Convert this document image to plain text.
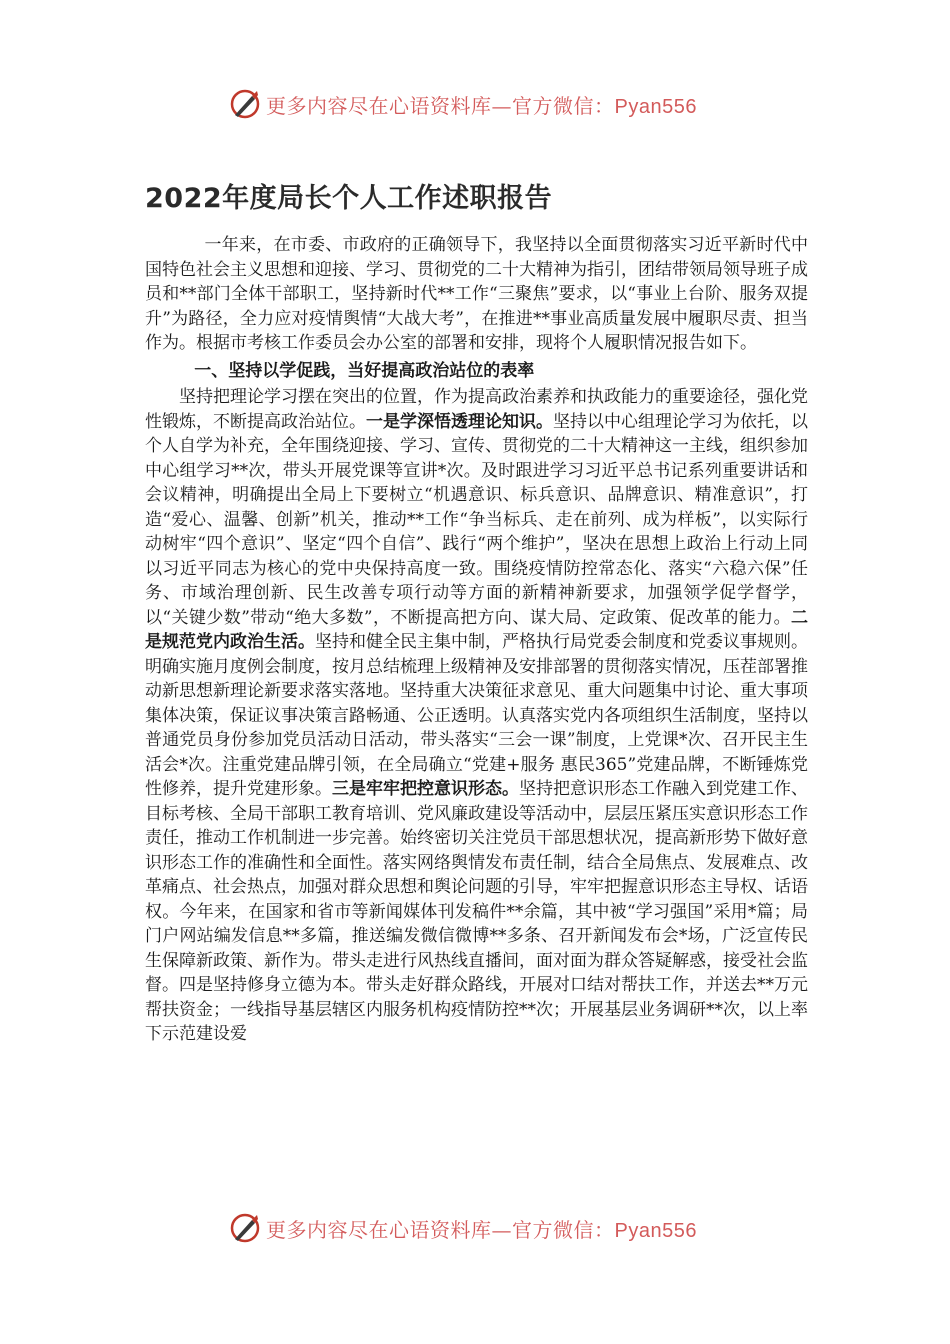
更多内容尽在心语资料库—官方微信：Pyan556
2022年度局长个人工作述职报告

一年来，在市委、市政府的正确领导下，我坚持以全面贯彻落实习近平新时代中国特色社会主义思想和迎接、学习、贯彻党的二十大精神为指引，团结带领局领导班子成员和**部门全体干部职工，坚持新时代**工作“三聚焦”要求，以“事业上台阶、服务双提升”为路径，全力应对疫情舆情“大战大考”，在推进**事业高质量发展中履职尽责、担当作为。根据市考核工作委员会办公室的部署和安排，现将个人履职情况报告如下。

一、坚持以学促践，当好提高政治站位的表率

坚持把理论学习摆在突出的位置，作为提高政治素养和执政能力的重要途径，强化党性锻炼，不断提高政治站位。一是学深悟透理论知识。坚持以中心组理论学习为依托，以个人自学为补充，全年围绕迎接、学习、宣传、贯彻党的二十大精神这一主线，组织参加中心组学习**次，带头开展党课等宣讲*次。及时跟进学习习近平总书记系列重要讲话和会议精神，明确提出全局上下要树立“机遇意识、标兵意识、品牌意识、精准意识”，打造“爱心、温馨、创新”机关，推动**工作“争当标兵、走在前列、成为样板”，以实际行动树牢“四个意识”、坚定“四个自信”、践行“两个维护”，坚决在思想上政治上行动上同以习近平同志为核心的党中央保持高度一致。围绕疫情防控常态化、落实“六稳六保”任务、市域治理创新、民生改善专项行动等方面的新精神新要求，加强领学促学督学，以“关键少数”带动“绝大多数”，不断提高把方向、谋大局、定政策、促改革的能力。二是规范党内政治生活。坚持和健全民主集中制，严格执行局党委会制度和党委议事规则。明确实施月度例会制度，按月总结梳理上级精神及安排部署的贯彻落实情况，压茬部署推动新思想新理论新要求落实落地。坚持重大决策征求意见、重大问题集中讨论、重大事项集体决策，保证议事决策言路畅通、公正透明。认真落实党内各项组织生活制度，坚持以普通党员身份参加党员活动日活动，带头落实“三会一课”制度，上党课*次、召开民主生活会*次。注重党建品牌引领，在全局确立“党建+服务 惠民365”党建品牌，不断锤炼党性修养，提升党建形象。三是牢牢把控意识形态。坚持把意识形态工作融入到党建工作、目标考核、全局干部职工教育培训、党风廉政建设等活动中，层层压紧压实意识形态工作责任，推动工作机制进一步完善。始终密切关注党员干部思想状况，提高新形势下做好意识形态工作的准确性和全面性。落实网络舆情发布责任制，结合全局焦点、发展难点、改革痛点、社会热点，加强对群众思想和舆论问题的引导，牢牢把握意识形态主导权、话语权。今年来，在国家和省市等新闻媒体刊发稿件**余篇，其中被“学习强国”采用*篇；局门户网站编发信息**多篇，推送编发微信微博**多条、召开新闻发布会*场，广泛宣传民生保障新政策、新作为。带头走进行风热线直播间，面对面为群众答疑解惑，接受社会监督。四是坚持修身立德为本。带头走好群众路线，开展对口结对帮扶工作，并送去**万元帮扶资金；一线指导基层辖区内服务机构疫情防控**次；开展基层业务调研**次，以上率下示范建设爱

更多内容尽在心语资料库—官方微信：Pyan556
